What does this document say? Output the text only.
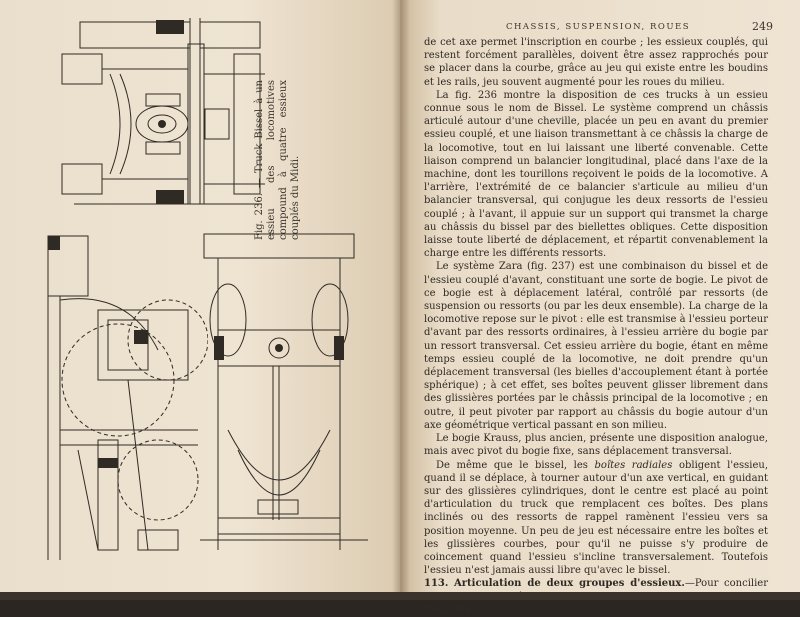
Fig. 236. — Truck Bissel à un essieu des locomotives compound à quatre essieux couplés du Midi.
CHASSIS, SUSPENSION, ROUES	249

de cet axe permet l'inscription en courbe ; les essieux couplés, qui restent forcément parallèles, doivent être assez rapprochés pour se placer dans la courbe, grâce au jeu qui existe entre les boudins et les rails, jeu souvent augmenté pour les roues du milieu.

La fig. 236 montre la disposition de ces trucks à un essieu connue sous le nom de Bissel. Le système comprend un châssis articulé autour d'une cheville, placée un peu en avant du premier essieu couplé, et une liaison transmettant à ce châssis la charge de la locomotive, tout en lui laissant une liberté convenable. Cette liaison comprend un balancier longitudinal, placé dans l'axe de la machine, dont les tourillons reçoivent le poids de la locomotive. A l'arrière, l'extrémité de ce balancier s'articule au milieu d'un balancier transversal, qui conjugue les deux ressorts de l'essieu couplé ; à l'avant, il appuie sur un support qui transmet la charge au châssis du bissel par des biellettes obliques. Cette disposition laisse toute liberté de déplacement, et répartit convenablement la charge entre les différents ressorts.

Le système Zara (fig. 237) est une combinaison du bissel et de l'essieu couplé d'avant, constituant une sorte de bogie. Le pivot de ce bogie est à déplacement latéral, contrôlé par ressorts (de suspension ou ressorts (ou par les deux ensemble). La charge de la locomotive repose sur le pivot : elle est transmise à l'essieu porteur d'avant par des ressorts ordinaires, à l'essieu arrière du bogie par un ressort transversal. Cet essieu arrière du bogie, étant en même temps essieu couplé de la locomotive, ne doit prendre qu'un déplacement transversal (les bielles d'accouplement étant à portée sphérique) ; à cet effet, ses boîtes peuvent glisser librement dans des glissières portées par le châssis principal de la locomotive ; en outre, il peut pivoter par rapport au châssis du bogie autour d'un axe géométrique vertical passant en son milieu.

Le bogie Krauss, plus ancien, présente une disposition analogue, mais avec pivot du bogie fixe, sans déplacement transversal.

De même que le bissel, les boîtes radiales obligent l'essieu, quand il se déplace, à tourner autour d'un axe vertical, en guidant sur des glissières cylindriques, dont le centre est placé au point d'articulation du truck que remplacent ces boîtes. Des plans inclinés ou des ressorts de rappel ramènent l'essieu vers sa position moyenne. Un peu de jeu est nécessaire entre les boîtes et les glissières courbes, pour qu'il ne puisse s'y produire de coincement quand l'essieu s'incline transversalement. Toutefois l'essieu n'est jamais aussi libre qu'avec le bissel.

113. Articulation de deux groupes d'essieux.—Pour concilier flexibilité
